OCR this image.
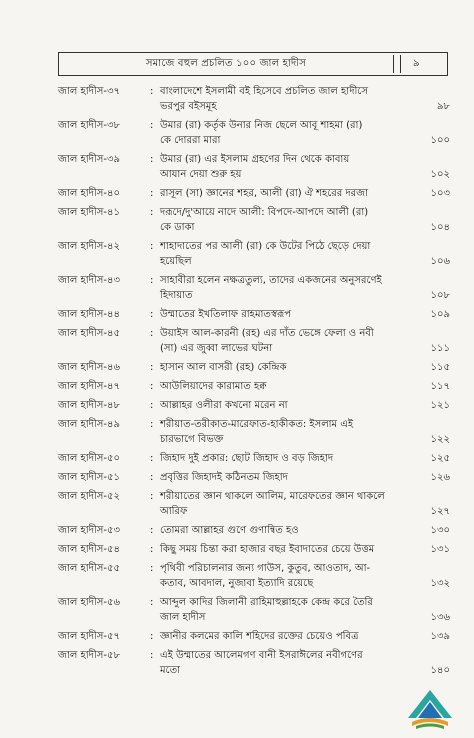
সমাজে বহুল প্রচলিত ১০০ জাল হাদীস	৯
জাল হাদীস-৩৭	: বাংলাদেশে ইসলামী বই হিসেবে প্রচলিত জাল হাদীসে
ভরপুর বইসমূহ	৯৮
জাল হাদীস-৩৮	: উমার (রা) কর্তৃক উনার নিজ ছেলে আবূ শাহমা (রা)
কে দোররা মারা	১০০
জাল হাদীস-৩৯	: উমার (রা) এর ইসলাম গ্রহণের দিন থেকে কাবায়
আযান দেয়া শুরু হয়	১০২
জাল হাদীস-৪০	: রাসূল (সা) জ্ঞানের শহর, আলী (রা) ঐ শহরের দরজা	১০৩
জাল হাদীস-৪১	: দরূদে/দু'আয়ে নাদে আলী: বিপদে-আপদে আলী (রা)
কে ডাকা	১০৪
জাল হাদীস-৪২	: শাহাদাতের পর আলী (রা) কে উটের পিঠে ছেড়ে দেয়া
হয়েছিল	১০৬
জাল হাদীস-৪৩	: সাহাবীরা হলেন নক্ষত্রতুল্য, তাদের একজনের অনুসরণেই
হিদায়াত	১০৮
জাল হাদীস-৪৪	: উম্মাতের ইখতিলাফ রাহমাতস্বরূপ	১০৯
জাল হাদীস-৪৫	: উয়াইস আল-কারনী (রহ) এর দাঁত ভেঙ্গে ফেলা ও নবী
(সা) এর জুব্বা লাভের ঘটনা	১১১
জাল হাদীস-৪৬	: হাসান আল বাসরী (রহ) কেন্দ্রিক	১১৫
জাল হাদীস-৪৭	: আউলিয়াদের কারামাত হক্ব	১১৭
জাল হাদীস-৪৮	: আল্লাহর ওলীরা কখনো মরেন না	১২১
জাল হাদীস-৪৯	: শরীয়াত-তরীকাত-মারেফাত-হাকীকত: ইসলাম এই
চারভাগে বিভক্ত	১২২
জাল হাদীস-৫০	: জিহাদ দুই প্রকার: ছোট জিহাদ ও বড় জিহাদ	১২৫
জাল হাদীস-৫১	: প্রবৃত্তির জিহাদই কঠিনতম জিহাদ	১২৬
জাল হাদীস-৫২	: শরীয়াতের জ্ঞান থাকলে আলিম, মারেফতের জ্ঞান থাকলে
আরিফ	১২৭
জাল হাদীস-৫৩	: তোমরা আল্লাহর গুণে গুণান্বিত হও	১৩০
জাল হাদীস-৫৪	: কিছু সময় চিন্তা করা হাজার বছর ইবাদাতের চেয়ে উত্তম	১৩১
জাল হাদীস-৫৫	: পৃথিবী পরিচালনার জন্য গাউস, কুতুব, আওতাদ, আ-
কতাব, আবদাল, নুজাবা ইত্যাদি রয়েছে	১৩২
জাল হাদীস-৫৬	: আব্দুল কাদির জিলানী রাহিমাহুল্লাহকে কেন্দ্র করে তৈরি
জাল হাদীস	১৩৬
জাল হাদীস-৫৭	: জ্ঞানীর কলমের কালি শহিদের রক্তের চেয়েও পবিত্র	১৩৯
জাল হাদীস-৫৮	: এই উম্মাতের আলেমগণ বানী ইসরাঈলের নবীগণের
মতো	১৪০
